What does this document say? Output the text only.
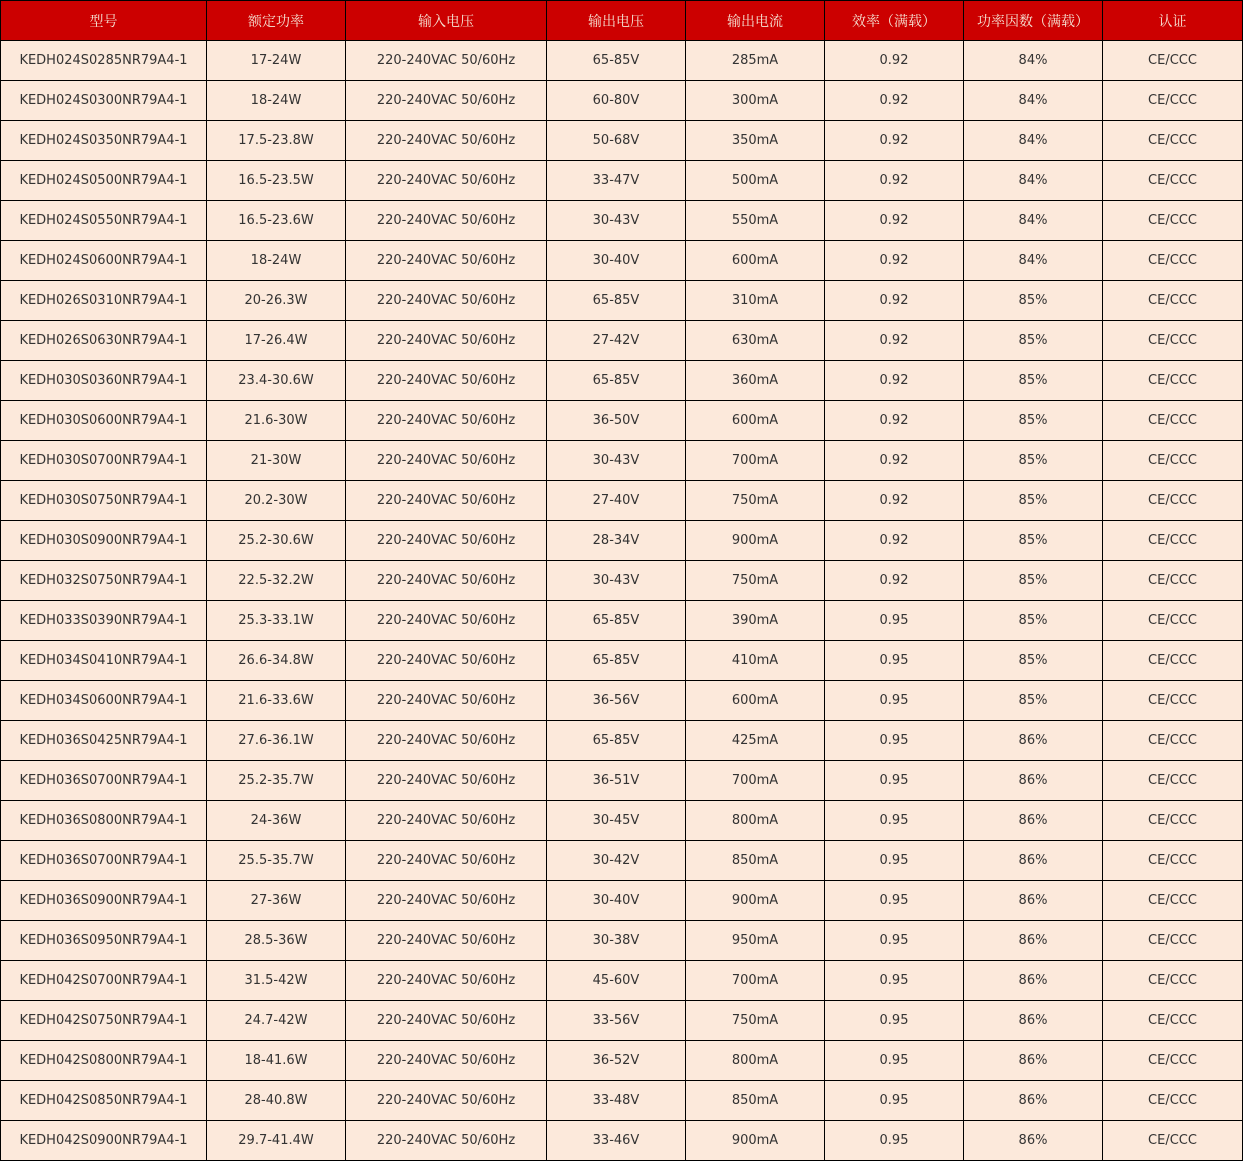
型号	额定功率	输入电压	输出电压	输出电流	效率（满载）	功率因数（满载）	认证
KEDH024S0285NR79A4-1	17-24W	220-240VAC 50/60Hz	65-85V	285mA	0.92	84%	CE/CCC
KEDH024S0300NR79A4-1	18-24W	220-240VAC 50/60Hz	60-80V	300mA	0.92	84%	CE/CCC
KEDH024S0350NR79A4-1	17.5-23.8W	220-240VAC 50/60Hz	50-68V	350mA	0.92	84%	CE/CCC
KEDH024S0500NR79A4-1	16.5-23.5W	220-240VAC 50/60Hz	33-47V	500mA	0.92	84%	CE/CCC
KEDH024S0550NR79A4-1	16.5-23.6W	220-240VAC 50/60Hz	30-43V	550mA	0.92	84%	CE/CCC
KEDH024S0600NR79A4-1	18-24W	220-240VAC 50/60Hz	30-40V	600mA	0.92	84%	CE/CCC
KEDH026S0310NR79A4-1	20-26.3W	220-240VAC 50/60Hz	65-85V	310mA	0.92	85%	CE/CCC
KEDH026S0630NR79A4-1	17-26.4W	220-240VAC 50/60Hz	27-42V	630mA	0.92	85%	CE/CCC
KEDH030S0360NR79A4-1	23.4-30.6W	220-240VAC 50/60Hz	65-85V	360mA	0.92	85%	CE/CCC
KEDH030S0600NR79A4-1	21.6-30W	220-240VAC 50/60Hz	36-50V	600mA	0.92	85%	CE/CCC
KEDH030S0700NR79A4-1	21-30W	220-240VAC 50/60Hz	30-43V	700mA	0.92	85%	CE/CCC
KEDH030S0750NR79A4-1	20.2-30W	220-240VAC 50/60Hz	27-40V	750mA	0.92	85%	CE/CCC
KEDH030S0900NR79A4-1	25.2-30.6W	220-240VAC 50/60Hz	28-34V	900mA	0.92	85%	CE/CCC
KEDH032S0750NR79A4-1	22.5-32.2W	220-240VAC 50/60Hz	30-43V	750mA	0.92	85%	CE/CCC
KEDH033S0390NR79A4-1	25.3-33.1W	220-240VAC 50/60Hz	65-85V	390mA	0.95	85%	CE/CCC
KEDH034S0410NR79A4-1	26.6-34.8W	220-240VAC 50/60Hz	65-85V	410mA	0.95	85%	CE/CCC
KEDH034S0600NR79A4-1	21.6-33.6W	220-240VAC 50/60Hz	36-56V	600mA	0.95	85%	CE/CCC
KEDH036S0425NR79A4-1	27.6-36.1W	220-240VAC 50/60Hz	65-85V	425mA	0.95	86%	CE/CCC
KEDH036S0700NR79A4-1	25.2-35.7W	220-240VAC 50/60Hz	36-51V	700mA	0.95	86%	CE/CCC
KEDH036S0800NR79A4-1	24-36W	220-240VAC 50/60Hz	30-45V	800mA	0.95	86%	CE/CCC
KEDH036S0700NR79A4-1	25.5-35.7W	220-240VAC 50/60Hz	30-42V	850mA	0.95	86%	CE/CCC
KEDH036S0900NR79A4-1	27-36W	220-240VAC 50/60Hz	30-40V	900mA	0.95	86%	CE/CCC
KEDH036S0950NR79A4-1	28.5-36W	220-240VAC 50/60Hz	30-38V	950mA	0.95	86%	CE/CCC
KEDH042S0700NR79A4-1	31.5-42W	220-240VAC 50/60Hz	45-60V	700mA	0.95	86%	CE/CCC
KEDH042S0750NR79A4-1	24.7-42W	220-240VAC 50/60Hz	33-56V	750mA	0.95	86%	CE/CCC
KEDH042S0800NR79A4-1	18-41.6W	220-240VAC 50/60Hz	36-52V	800mA	0.95	86%	CE/CCC
KEDH042S0850NR79A4-1	28-40.8W	220-240VAC 50/60Hz	33-48V	850mA	0.95	86%	CE/CCC
KEDH042S0900NR79A4-1	29.7-41.4W	220-240VAC 50/60Hz	33-46V	900mA	0.95	86%	CE/CCC
